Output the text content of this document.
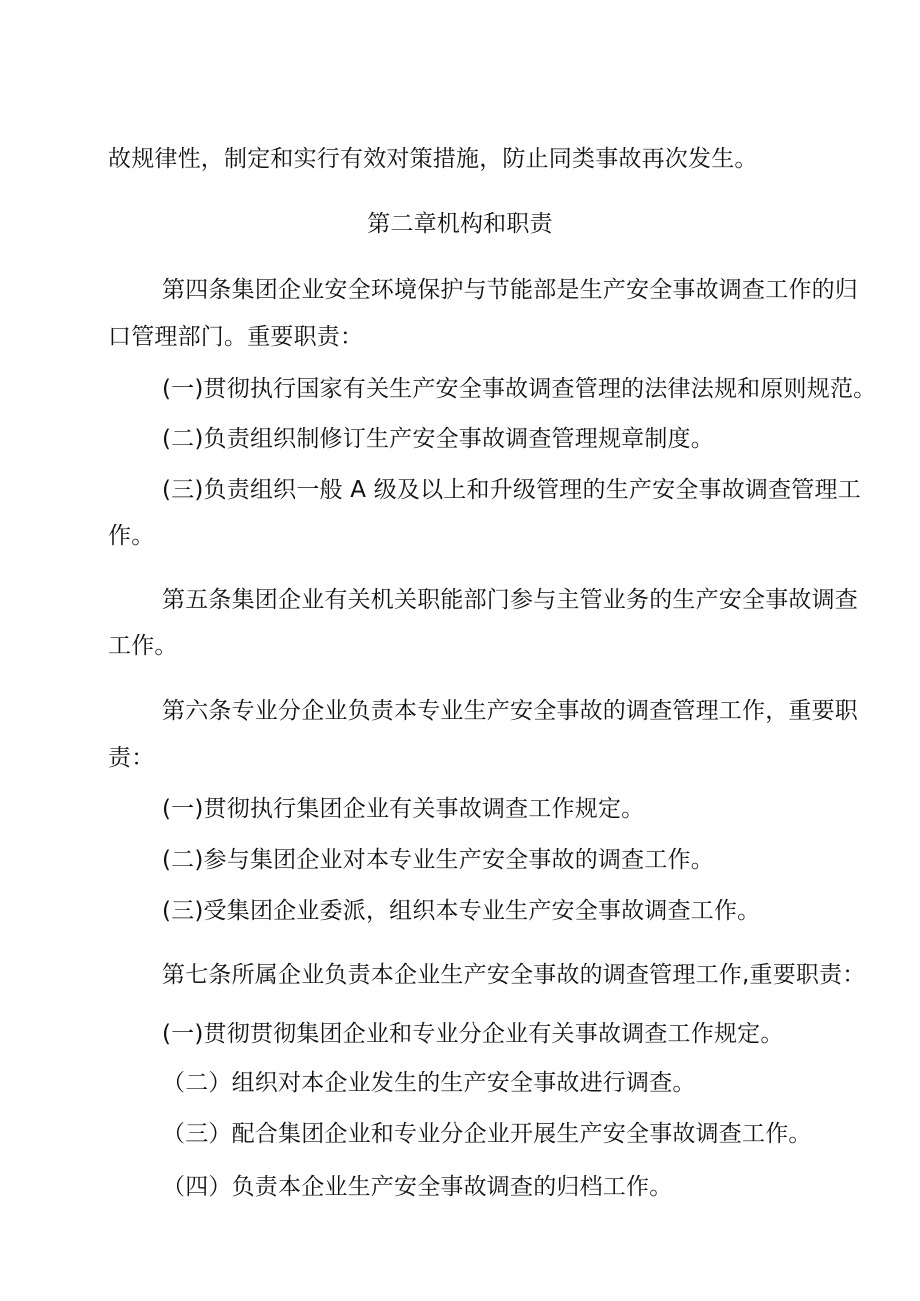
故规律性，制定和实行有效对策措施，防止同类事故再次发生。

第二章机构和职责

第四条集团企业安全环境保护与节能部是生产安全事故调查工作的归

口管理部门。重要职责：

(一)贯彻执行国家有关生产安全事故调查管理的法律法规和原则规范。

(二)负责组织制修订生产安全事故调查管理规章制度。

(三)负责组织一般 A 级及以上和升级管理的生产安全事故调查管理工

作。

第五条集团企业有关机关职能部门参与主管业务的生产安全事故调查

工作。

第六条专业分企业负责本专业生产安全事故的调查管理工作，重要职

责：

(一)贯彻执行集团企业有关事故调查工作规定。

(二)参与集团企业对本专业生产安全事故的调查工作。

(三)受集团企业委派，组织本专业生产安全事故调查工作。

第七条所属企业负责本企业生产安全事故的调查管理工作,重要职责：

(一)贯彻贯彻集团企业和专业分企业有关事故调查工作规定。

（二）组织对本企业发生的生产安全事故进行调查。

（三）配合集团企业和专业分企业开展生产安全事故调查工作。

（四）负责本企业生产安全事故调查的归档工作。
